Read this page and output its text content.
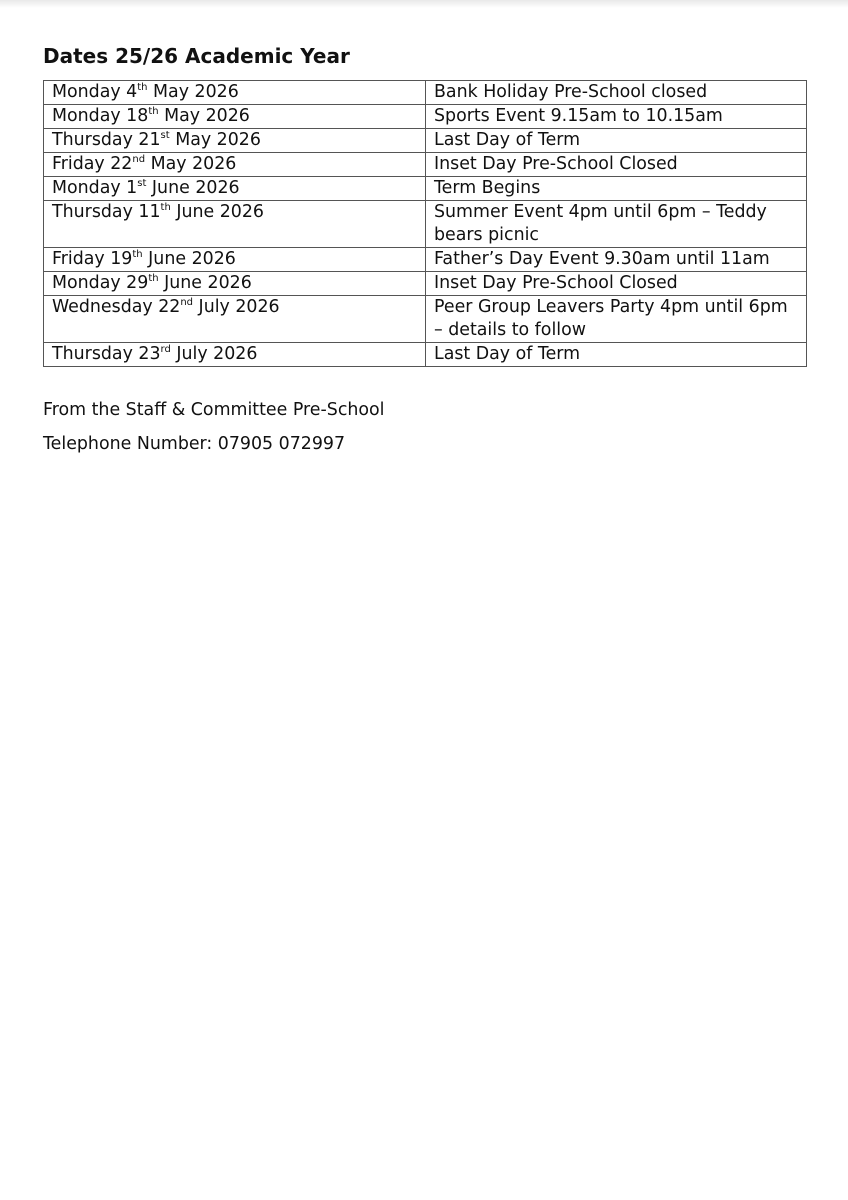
Dates 25/26 Academic Year
Monday 4th May 2026	Bank Holiday Pre-School closed
Monday 18th May 2026	Sports Event 9.15am to 10.15am
Thursday 21st May 2026	Last Day of Term
Friday 22nd May 2026	Inset Day Pre-School Closed
Monday 1st June 2026	Term Begins
Thursday 11th June 2026	Summer Event 4pm until 6pm – Teddy bears picnic
Friday 19th June 2026	Father’s Day Event 9.30am until 11am
Monday 29th June 2026	Inset Day Pre-School Closed
Wednesday 22nd July 2026	Peer Group Leavers Party 4pm until 6pm – details to follow
Thursday 23rd July 2026	Last Day of Term

From the Staff & Committee Pre-School

Telephone Number: 07905 072997
